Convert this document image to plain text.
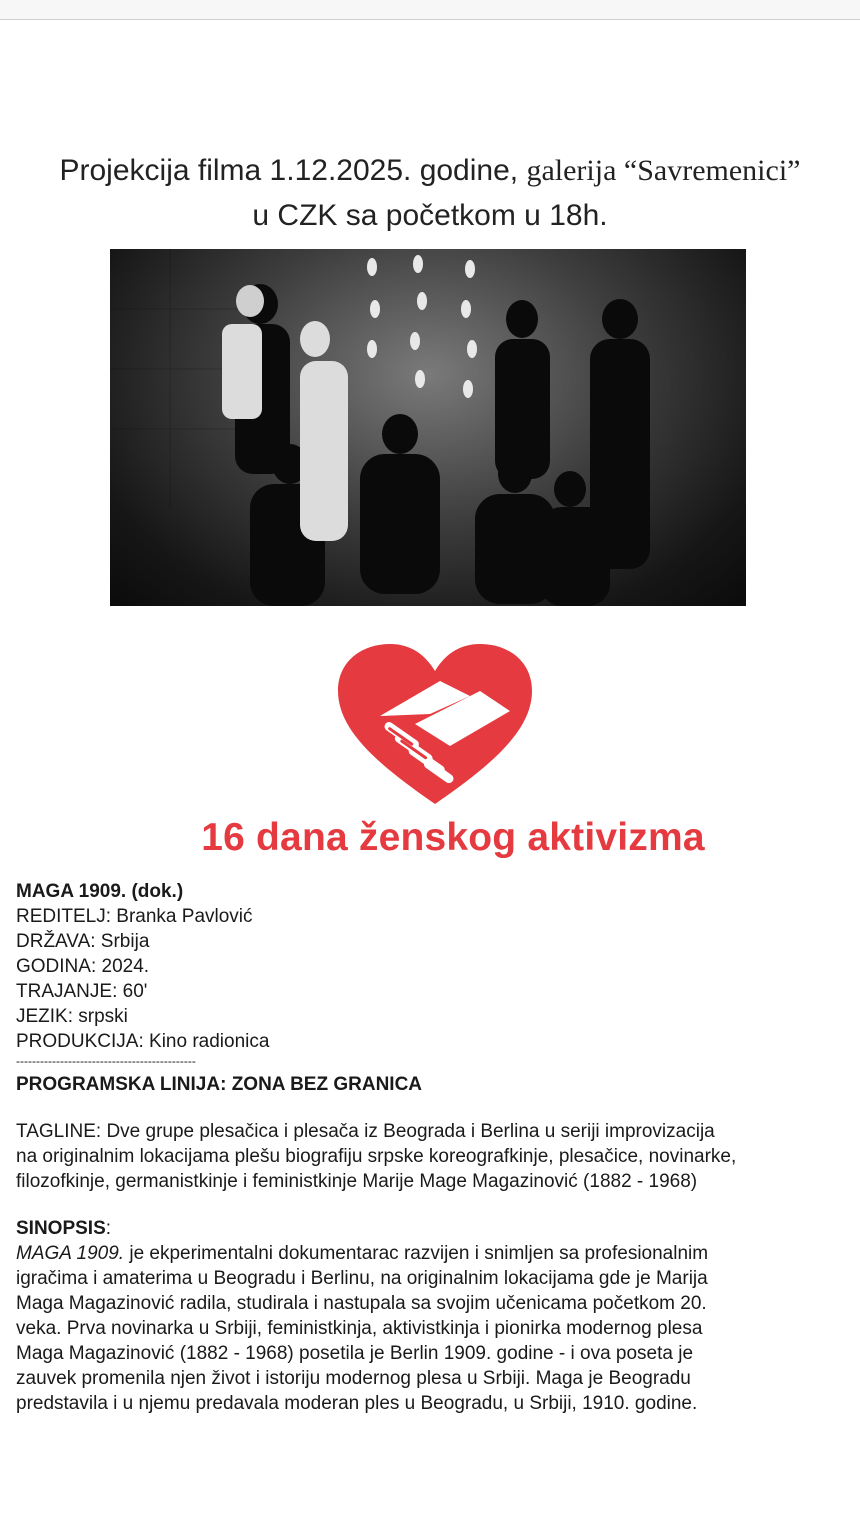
Projekcija filma 1.12.2025. godine, galerija “Savremenici”
u CZK sa početkom u 18h.
16 dana ženskog aktivizma
MAGA 1909. (dok.)
REDITELJ: Branka Pavlović
DRŽAVA: Srbija
GODINA: 2024.
TRAJANJE: 60'
JEZIK: srpski
PRODUKCIJA: Kino radionica
---------------------------------------------
PROGRAMSKA LINIJA: ZONA BEZ GRANICA
TAGLINE: Dve grupe plesačica i plesača iz Beograda i Berlina u seriji improvizacija
na originalnim lokacijama plešu biografiju srpske koreografkinje, plesačice, novinarke,
filozofkinje, germanistkinje i feministkinje Marije Mage Magazinović (1882 - 1968)
SINOPSIS:
MAGA 1909. je ekperimentalni dokumentarac razvijen i snimljen sa profesionalnim
igračima i amaterima u Beogradu i Berlinu, na originalnim lokacijama gde je Marija
Maga Magazinović radila, studirala i nastupala sa svojim učenicama početkom 20.
veka. Prva novinarka u Srbiji, feministkinja, aktivistkinja i pionirka modernog plesa
Maga Magazinović (1882 - 1968) posetila je Berlin 1909. godine - i ova poseta je
zauvek promenila njen život i istoriju modernog plesa u Srbiji. Maga je Beogradu
predstavila i u njemu predavala moderan ples u Beogradu, u Srbiji, 1910. godine.
